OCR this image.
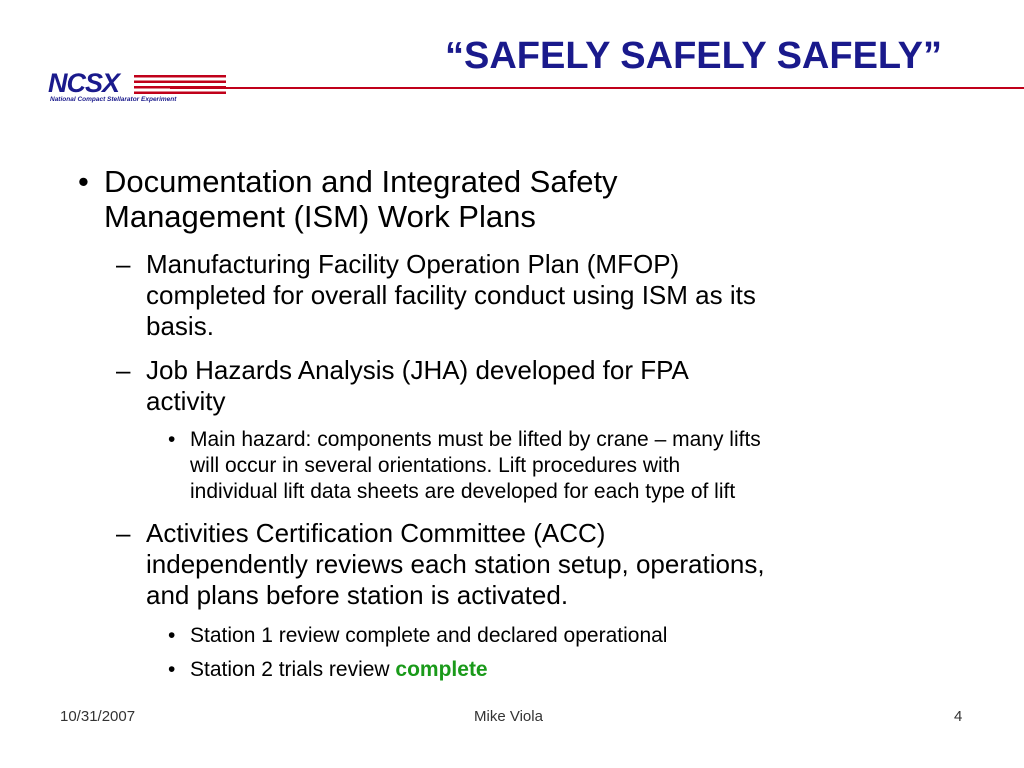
“SAFELY SAFELY SAFELY”
NCSX
National Compact Stellarator Experiment
• Documentation and Integrated Safety
Management (ISM) Work Plans
– Manufacturing Facility Operation Plan (MFOP)
completed for overall facility conduct using ISM as its
basis.
– Job Hazards Analysis (JHA) developed for FPA
activity
• Main hazard: components must be lifted by crane – many lifts
will occur in several orientations. Lift procedures with
individual lift data sheets are developed for each type of lift
– Activities Certification Committee (ACC)
independently reviews each station setup, operations,
and plans before station is activated.
• Station 1 review complete and declared operational
• Station 2 trials review complete
10/31/2007	Mike Viola	4
